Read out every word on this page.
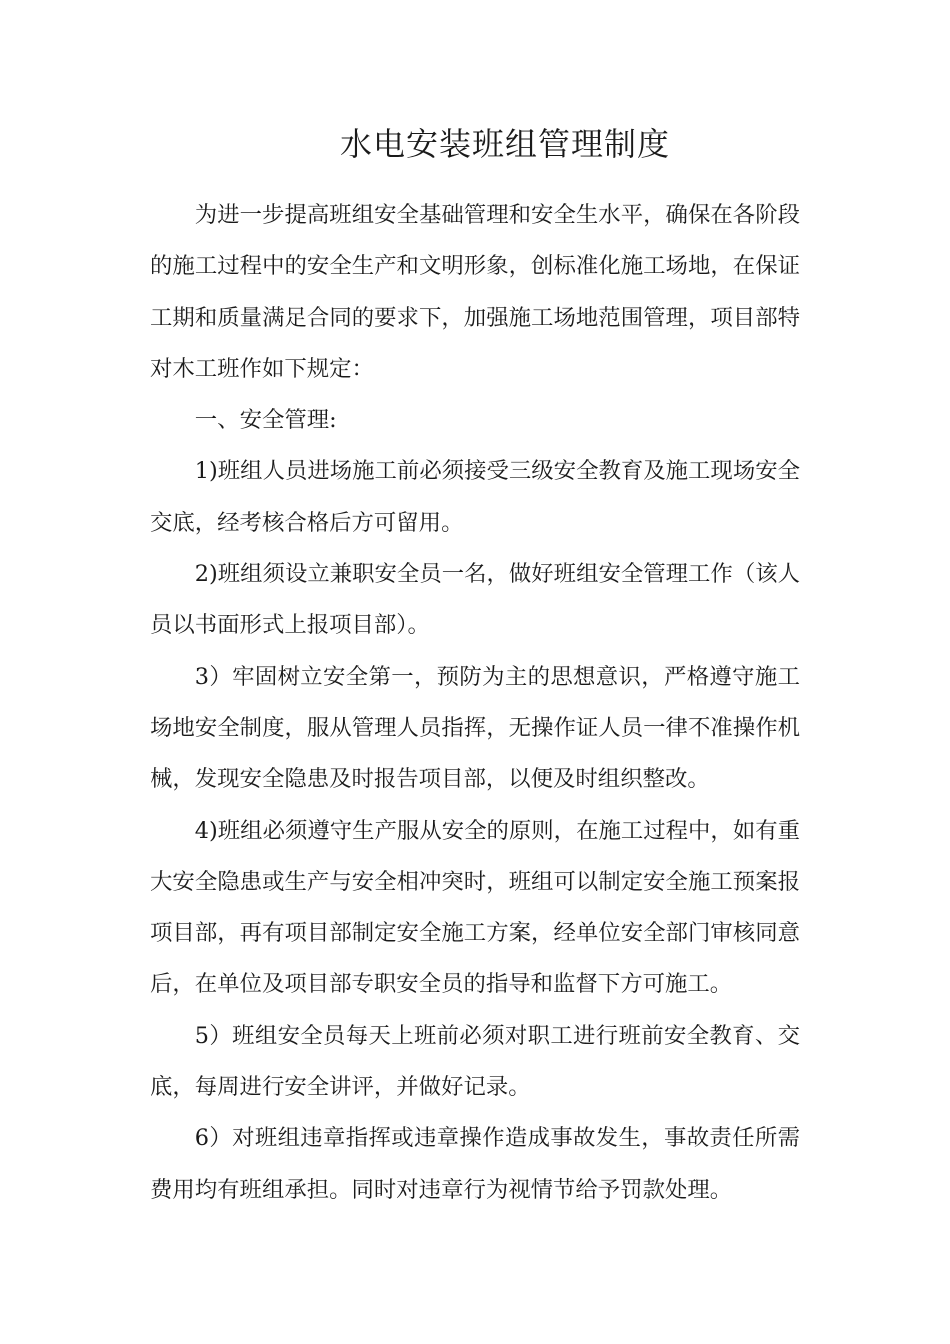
水电安装班组管理制度

为进一步提高班组安全基础管理和安全生水平，确保在各阶段的施工过程中的安全生产和文明形象，创标准化施工场地，在保证工期和质量满足合同的要求下，加强施工场地范围管理，项目部特对木工班作如下规定：

一、安全管理:

1)班组人员进场施工前必须接受三级安全教育及施工现场安全交底，经考核合格后方可留用。

2)班组须设立兼职安全员一名，做好班组安全管理工作（该人员以书面形式上报项目部）。

3）牢固树立安全第一，预防为主的思想意识，严格遵守施工场地安全制度，服从管理人员指挥，无操作证人员一律不准操作机械，发现安全隐患及时报告项目部，以便及时组织整改。

4)班组必须遵守生产服从安全的原则，在施工过程中，如有重大安全隐患或生产与安全相冲突时，班组可以制定安全施工预案报项目部，再有项目部制定安全施工方案，经单位安全部门审核同意后，在单位及项目部专职安全员的指导和监督下方可施工。

5）班组安全员每天上班前必须对职工进行班前安全教育、交底，每周进行安全讲评，并做好记录。

6）对班组违章指挥或违章操作造成事故发生，事故责任所需费用均有班组承担。同时对违章行为视情节给予罚款处理。
